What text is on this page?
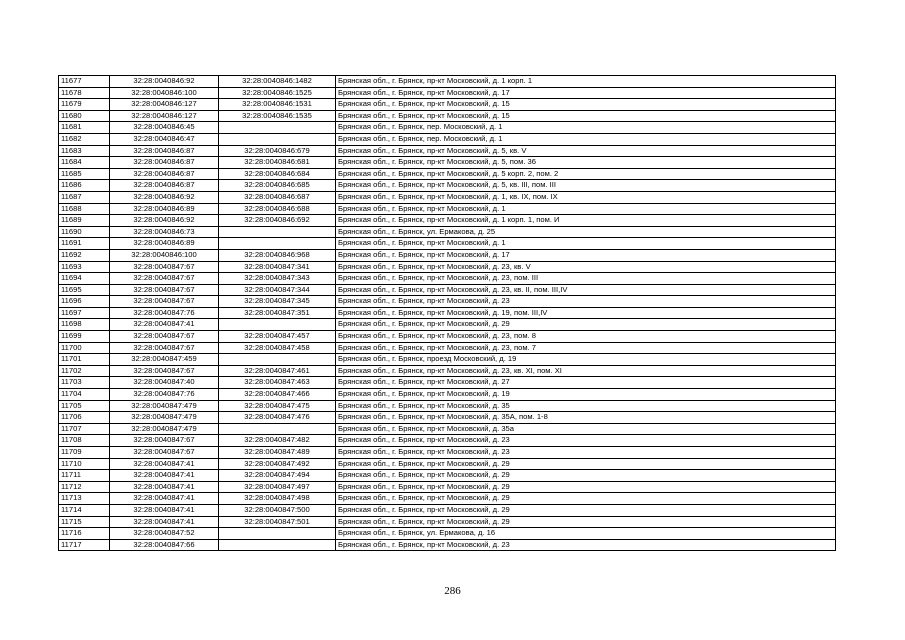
11677	32:28:0040846:92	32:28:0040846:1482	Брянская обл., г. Брянск, пр-кт Московский, д. 1 корп. 1
11678	32:28:0040846:100	32:28:0040846:1525	Брянская обл., г. Брянск, пр-кт Московский, д. 17
11679	32:28:0040846:127	32:28:0040846:1531	Брянская обл., г. Брянск, пр-кт Московский, д. 15
11680	32:28:0040846:127	32:28:0040846:1535	Брянская обл., г. Брянск, пр-кт Московский, д. 15
11681	32:28:0040846:45		Брянская обл., г. Брянск, пер. Московский, д. 1
11682	32:28:0040846:47		Брянская обл., г. Брянск, пер. Московский, д. 1
11683	32:28:0040846:87	32:28:0040846:679	Брянская обл., г. Брянск, пр-кт Московский, д. 5, кв. V
11684	32:28:0040846:87	32:28:0040846:681	Брянская обл., г. Брянск, пр-кт Московский, д. 5, пом. 36
11685	32:28:0040846:87	32:28:0040846:684	Брянская обл., г. Брянск, пр-кт Московский, д. 5 корп. 2, пом. 2
11686	32:28:0040846:87	32:28:0040846:685	Брянская обл., г. Брянск, пр-кт Московский, д. 5, кв. III, пом. III
11687	32:28:0040846:92	32:28:0040846:687	Брянская обл., г. Брянск, пр-кт Московский, д. 1, кв. IX, пом. IX
11688	32:28:0040846:89	32:28:0040846:688	Брянская обл., г. Брянск, пр-кт Московский, д. 1
11689	32:28:0040846:92	32:28:0040846:692	Брянская обл., г. Брянск, пр-кт Московский, д. 1 корп. 1, пом. И
11690	32:28:0040846:73		Брянская обл., г. Брянск, ул. Ермакова, д. 25
11691	32:28:0040846:89		Брянская обл., г. Брянск, пр-кт Московский, д. 1
11692	32:28:0040846:100	32:28:0040846:968	Брянская обл., г. Брянск, пр-кт Московский, д. 17
11693	32:28:0040847:67	32:28:0040847:341	Брянская обл., г. Брянск, пр-кт Московский, д. 23, кв. V
11694	32:28:0040847:67	32:28:0040847:343	Брянская обл., г. Брянск, пр-кт Московский, д. 23, пом. III
11695	32:28:0040847:67	32:28:0040847:344	Брянская обл., г. Брянск, пр-кт Московский, д. 23, кв. II, пом. III,IV
11696	32:28:0040847:67	32:28:0040847:345	Брянская обл., г. Брянск, пр-кт Московский, д. 23
11697	32:28:0040847:76	32:28:0040847:351	Брянская обл., г. Брянск, пр-кт Московский, д. 19, пом. III,IV
11698	32:28:0040847:41		Брянская обл., г. Брянск, пр-кт Московский, д. 29
11699	32:28:0040847:67	32:28:0040847:457	Брянская обл., г. Брянск, пр-кт Московский, д. 23, пом. 8
11700	32:28:0040847:67	32:28:0040847:458	Брянская обл., г. Брянск, пр-кт Московский, д. 23, пом. 7
11701	32:28:0040847:459		Брянская обл., г. Брянск, проезд Московский, д. 19
11702	32:28:0040847:67	32:28:0040847:461	Брянская обл., г. Брянск, пр-кт Московский, д. 23, кв. XI, пом. XI
11703	32:28:0040847:40	32:28:0040847:463	Брянская обл., г. Брянск, пр-кт Московский, д. 27
11704	32:28:0040847:76	32:28:0040847:466	Брянская обл., г. Брянск, пр-кт Московский, д. 19
11705	32:28:0040847:479	32:28:0040847:475	Брянская обл., г. Брянск, пр-кт Московский, д. 35
11706	32:28:0040847:479	32:28:0040847:476	Брянская обл., г. Брянск, пр-кт Московский, д. 35А, пом. 1-8
11707	32:28:0040847:479		Брянская обл., г. Брянск, пр-кт Московский, д. 35а
11708	32:28:0040847:67	32:28:0040847:482	Брянская обл., г. Брянск, пр-кт Московский, д. 23
11709	32:28:0040847:67	32:28:0040847:489	Брянская обл., г. Брянск, пр-кт Московский, д. 23
11710	32:28:0040847:41	32:28:0040847:492	Брянская обл., г. Брянск, пр-кт Московский, д. 29
11711	32:28:0040847:41	32:28:0040847:494	Брянская обл., г. Брянск, пр-кт Московский, д. 29
11712	32:28:0040847:41	32:28:0040847:497	Брянская обл., г. Брянск, пр-кт Московский, д. 29
11713	32:28:0040847:41	32:28:0040847:498	Брянская обл., г. Брянск, пр-кт Московский, д. 29
11714	32:28:0040847:41	32:28:0040847:500	Брянская обл., г. Брянск, пр-кт Московский, д. 29
11715	32:28:0040847:41	32:28:0040847:501	Брянская обл., г. Брянск, пр-кт Московский, д. 29
11716	32:28:0040847:52		Брянская обл., г. Брянск, ул. Ермакова, д. 16
11717	32:28:0040847:66		Брянская обл., г. Брянск, пр-кт Московский, д. 23
286
